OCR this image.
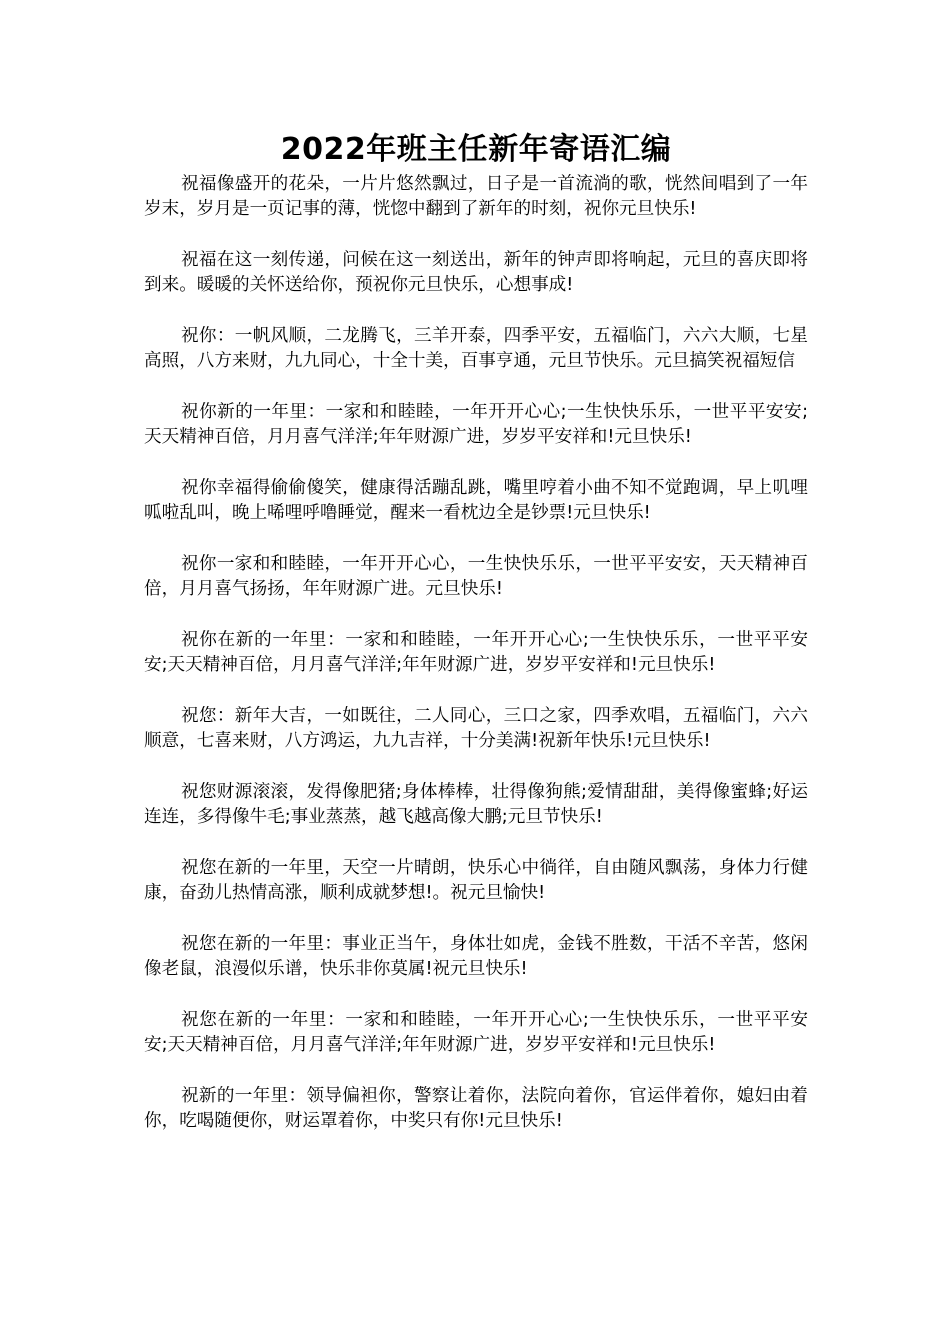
2022年班主任新年寄语汇编

祝福像盛开的花朵，一片片悠然飘过，日子是一首流淌的歌，恍然间唱到了一年岁末，岁月是一页记事的薄，恍惚中翻到了新年的时刻，祝你元旦快乐!

祝福在这一刻传递，问候在这一刻送出，新年的钟声即将响起，元旦的喜庆即将到来。暖暖的关怀送给你，预祝你元旦快乐，心想事成!

祝你：一帆风顺，二龙腾飞，三羊开泰，四季平安，五福临门，六六大顺，七星高照，八方来财，九九同心，十全十美，百事亨通，元旦节快乐。元旦搞笑祝福短信

祝你新的一年里：一家和和睦睦，一年开开心心;一生快快乐乐，一世平平安安;天天精神百倍，月月喜气洋洋;年年财源广进，岁岁平安祥和!元旦快乐!

祝你幸福得偷偷傻笑，健康得活蹦乱跳，嘴里哼着小曲不知不觉跑调，早上叽哩呱啦乱叫，晚上唏哩呼噜睡觉，醒来一看枕边全是钞票!元旦快乐!

祝你一家和和睦睦，一年开开心心，一生快快乐乐，一世平平安安，天天精神百倍，月月喜气扬扬，年年财源广进。元旦快乐!

祝你在新的一年里：一家和和睦睦，一年开开心心;一生快快乐乐，一世平平安安;天天精神百倍，月月喜气洋洋;年年财源广进，岁岁平安祥和!元旦快乐!

祝您：新年大吉，一如既往，二人同心，三口之家，四季欢唱，五福临门，六六顺意，七喜来财，八方鸿运，九九吉祥，十分美满!祝新年快乐!元旦快乐!

祝您财源滚滚，发得像肥猪;身体棒棒，壮得像狗熊;爱情甜甜，美得像蜜蜂;好运连连，多得像牛毛;事业蒸蒸，越飞越高像大鹏;元旦节快乐!

祝您在新的一年里，天空一片晴朗，快乐心中徜徉，自由随风飘荡，身体力行健康，奋劲儿热情高涨，顺利成就梦想!。祝元旦愉快!

祝您在新的一年里：事业正当午，身体壮如虎，金钱不胜数，干活不辛苦，悠闲像老鼠，浪漫似乐谱，快乐非你莫属!祝元旦快乐!

祝您在新的一年里：一家和和睦睦，一年开开心心;一生快快乐乐，一世平平安安;天天精神百倍，月月喜气洋洋;年年财源广进，岁岁平安祥和!元旦快乐!

祝新的一年里：领导偏袒你，警察让着你，法院向着你，官运伴着你，媳妇由着你，吃喝随便你，财运罩着你，中奖只有你!元旦快乐!
